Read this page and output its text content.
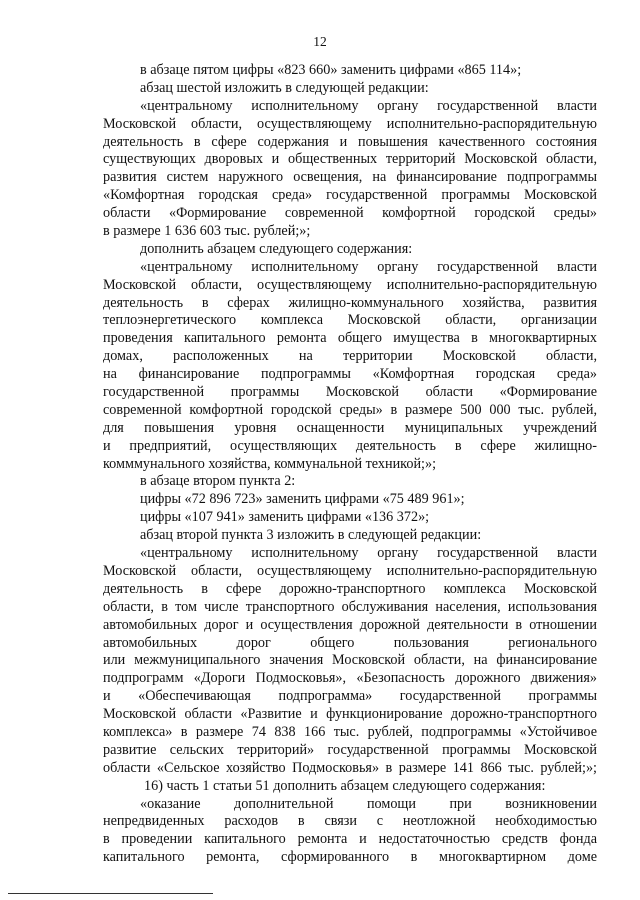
12
в абзаце пятом цифры «823 660» заменить цифрами «865 114»;
абзац шестой изложить в следующей редакции:
«центральному исполнительному органу государственной власти
Московской области, осуществляющему исполнительно-распорядительную
деятельность в сфере содержания и повышения качественного состояния
существующих дворовых и общественных территорий Московской области,
развития систем наружного освещения, на финансирование подпрограммы
«Комфортная городская среда» государственной программы Московской
области «Формирование современной комфортной городской среды»
в размере 1 636 603 тыс. рублей;»;
дополнить абзацем следующего содержания:
«центральному исполнительному органу государственной власти
Московской области, осуществляющему исполнительно-распорядительную
деятельность в сферах жилищно-коммунального хозяйства, развития
теплоэнергетического комплекса Московской области, организации
проведения капитального ремонта общего имущества в многоквартирных
домах, расположенных на территории Московской области,
на финансирование подпрограммы «Комфортная городская среда»
государственной программы Московской области «Формирование
современной комфортной городской среды» в размере 500 000 тыс. рублей,
для повышения уровня оснащенности муниципальных учреждений
и предприятий, осуществляющих деятельность в сфере жилищно-
комммунального хозяйства, коммунальной техникой;»;
в абзаце втором пункта 2:
цифры «72 896 723» заменить цифрами «75 489 961»;
цифры «107 941» заменить цифрами «136 372»;
абзац второй пункта 3 изложить в следующей редакции:
«центральному исполнительному органу государственной власти
Московской области, осуществляющему исполнительно-распорядительную
деятельность в сфере дорожно-транспортного комплекса Московской
области, в том числе транспортного обслуживания населения, использования
автомобильных дорог и осуществления дорожной деятельности в отношении
автомобильных дорог общего пользования регионального
или межмуниципального значения Московской области, на финансирование
подпрограмм «Дороги Подмосковья», «Безопасность дорожного движения»
и «Обеспечивающая подпрограмма» государственной программы
Московской области «Развитие и функционирование дорожно-транспортного
комплекса» в размере 74 838 166 тыс. рублей, подпрограммы «Устойчивое
развитие сельских территорий» государственной программы Московской
области «Сельское хозяйство Подмосковья» в размере 141 866 тыс. рублей;»;
16) часть 1 статьи 51 дополнить абзацем следующего содержания:
«оказание дополнительной помощи при возникновении
непредвиденных расходов в связи с неотложной необходимостью
в проведении капитального ремонта и недостаточностью средств фонда
капитального ремонта, сформированного в многоквартирном доме
